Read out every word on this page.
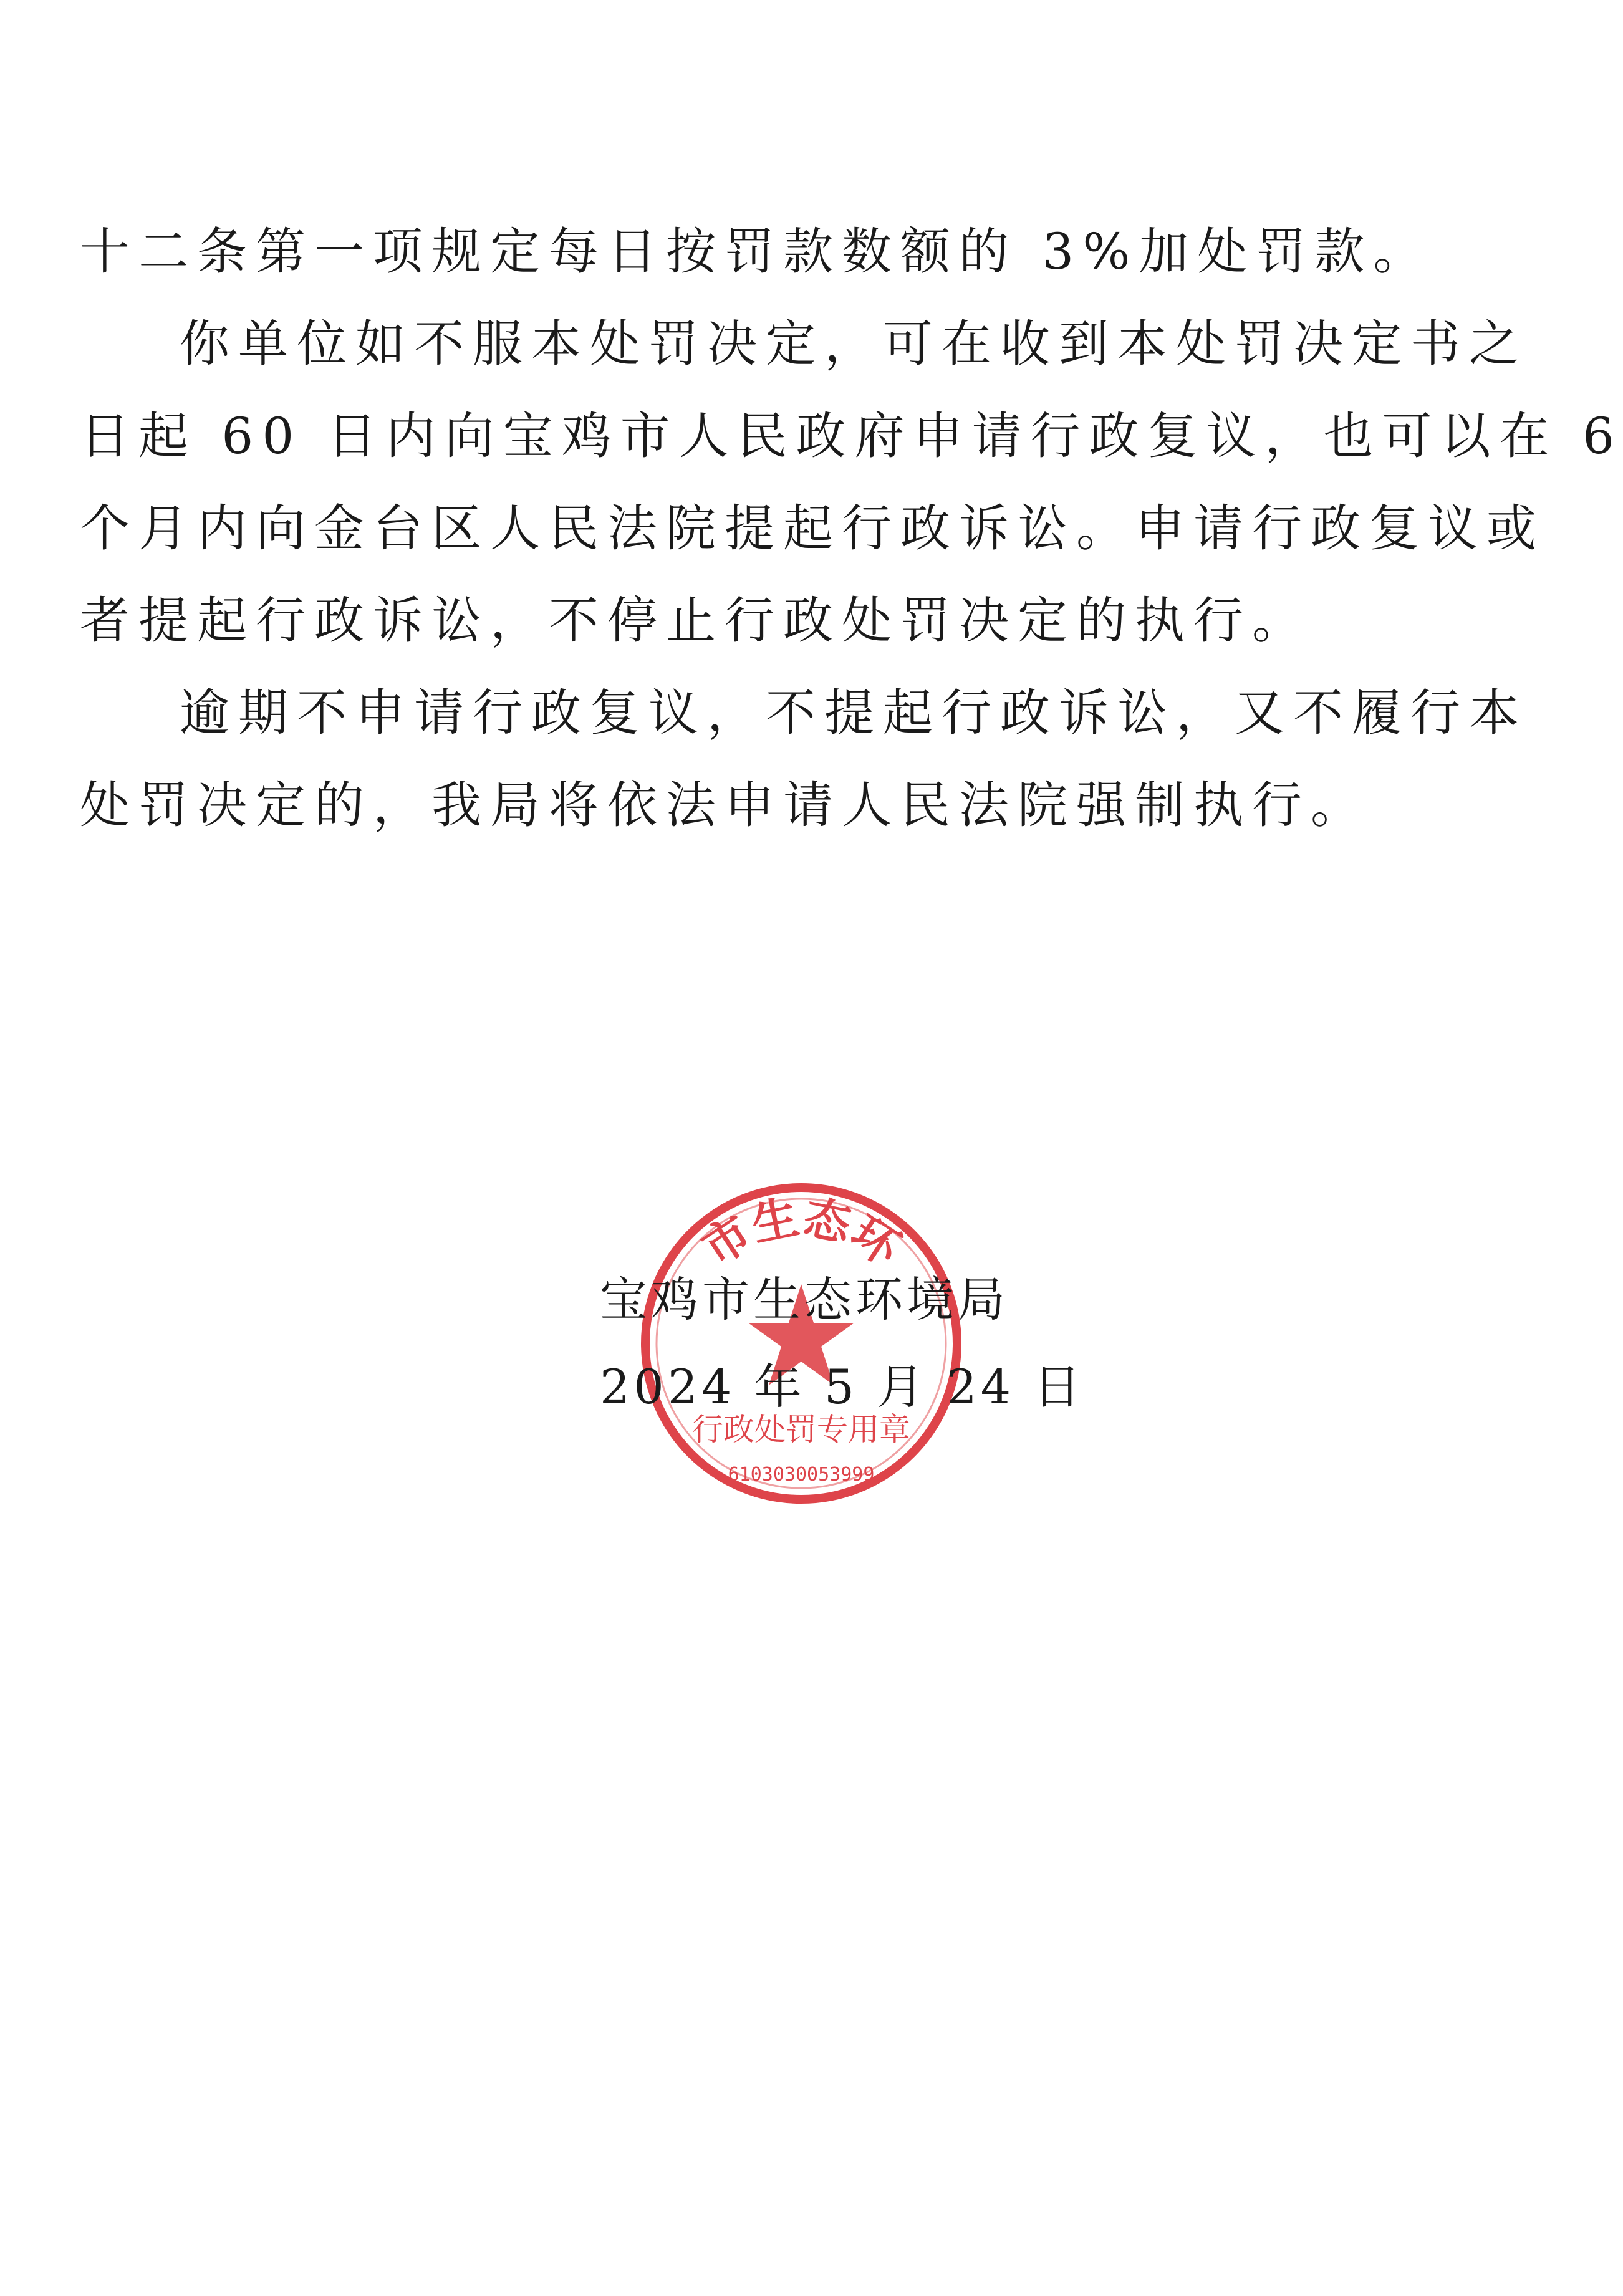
十二条第一项规定每日按罚款数额的 3%加处罚款。

你单位如不服本处罚决定，可在收到本处罚决定书之
日起 60 日内向宝鸡市人民政府申请行政复议，也可以在 6
个月内向金台区人民法院提起行政诉讼。申请行政复议或
者提起行政诉讼，不停止行政处罚决定的执行。

逾期不申请行政复议，不提起行政诉讼，又不履行本
处罚决定的，我局将依法申请人民法院强制执行。

市生态环
行政处罚专用章
6103030053999
宝鸡市生态环境局
2024 年 5 月 24 日
